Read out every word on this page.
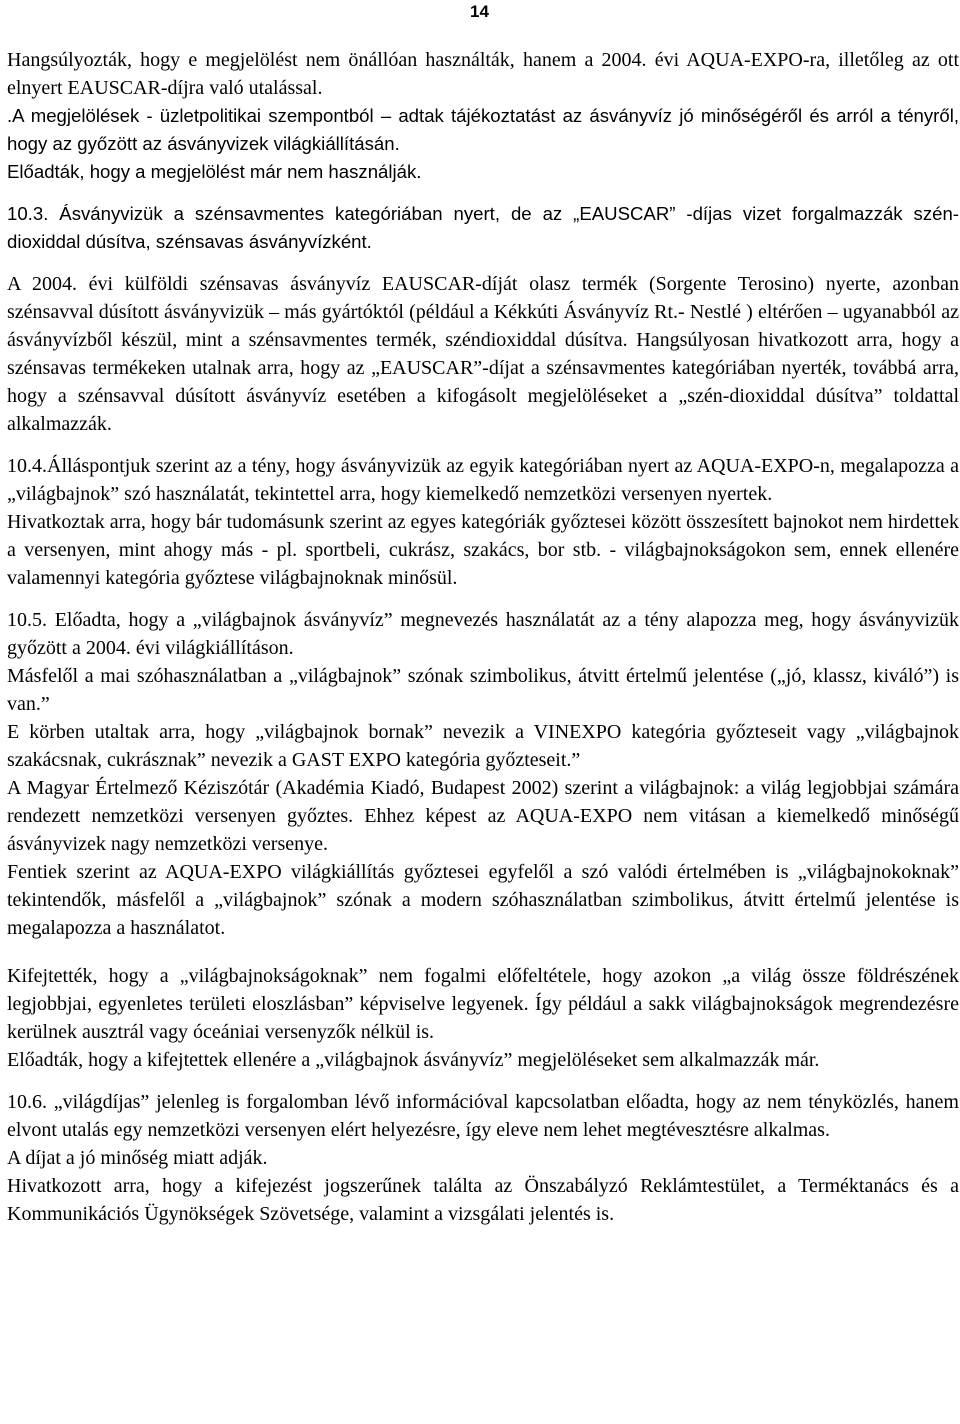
14

Hangsúlyozták, hogy e megjelölést nem önállóan használták, hanem a 2004. évi AQUA-EXPO-ra, illetőleg az ott elnyert EAUSCAR-díjra való utalással.

.A megjelölések - üzletpolitikai szempontból – adtak tájékoztatást az ásványvíz jó minőségéről és arról a tényről, hogy az győzött az ásványvizek világkiállításán.

Előadták, hogy a megjelölést már nem használják.

10.3. Ásványvizük a szénsavmentes kategóriában nyert, de az „EAUSCAR” -díjas vizet forgalmazzák szén-dioxiddal dúsítva, szénsavas ásványvízként.

A 2004. évi külföldi szénsavas ásványvíz EAUSCAR-díját olasz termék (Sorgente Terosino) nyerte, azonban szénsavval dúsított ásványvizük – más gyártóktól (például a Kékkúti Ásványvíz Rt.- Nestlé ) eltérően – ugyanabból az ásványvízből készül, mint a szénsavmentes termék, széndioxiddal dúsítva. Hangsúlyosan hivatkozott arra, hogy a szénsavas termékeken utalnak arra, hogy az „EAUSCAR”-díjat a szénsavmentes kategóriában nyerték, továbbá arra, hogy a szénsavval dúsított ásványvíz esetében a kifogásolt megjelöléseket a „szén-dioxiddal dúsítva” toldattal alkalmazzák.

10.4.Álláspontjuk szerint az a tény, hogy ásványvizük az egyik kategóriában nyert az AQUA-EXPO-n, megalapozza a „világbajnok” szó használatát, tekintettel arra, hogy kiemelkedő nemzetközi versenyen nyertek.

Hivatkoztak arra, hogy bár tudomásunk szerint az egyes kategóriák győztesei között összesített bajnokot nem hirdettek a versenyen, mint ahogy más - pl. sportbeli, cukrász, szakács, bor stb. - világbajnokságokon sem, ennek ellenére valamennyi kategória győztese világbajnoknak minősül.

10.5. Előadta, hogy a „világbajnok ásványvíz” megnevezés használatát az a tény alapozza meg, hogy ásványvizük győzött a 2004. évi világkiállításon.

Másfelől a mai szóhasználatban a „világbajnok” szónak szimbolikus, átvitt értelmű jelentése („jó, klassz, kiváló”) is van.”

E körben utaltak arra, hogy „világbajnok bornak” nevezik a VINEXPO kategória győzteseit vagy „világbajnok szakácsnak, cukrásznak” nevezik a GAST EXPO kategória győzteseit.”

A Magyar Értelmező Kéziszótár (Akadémia Kiadó, Budapest 2002) szerint a világbajnok: a világ legjobbjai számára rendezett nemzetközi versenyen győztes. Ehhez képest az AQUA-EXPO nem vitásan a kiemelkedő minőségű ásványvizek nagy nemzetközi versenye.

Fentiek szerint az AQUA-EXPO világkiállítás győztesei egyfelől a szó valódi értelmében is „világbajnokoknak” tekintendők, másfelől a „világbajnok” szónak a modern szóhasználatban szimbolikus, átvitt értelmű jelentése is megalapozza a használatot.

Kifejtették, hogy a „világbajnokságoknak” nem fogalmi előfeltétele, hogy azokon „a világ össze földrészének legjobbjai, egyenletes területi eloszlásban” képviselve legyenek. Így például a sakk világbajnokságok megrendezésre kerülnek ausztrál vagy óceániai versenyzők nélkül is.

Előadták, hogy a kifejtettek ellenére a „világbajnok ásványvíz” megjelöléseket sem alkalmazzák már.

10.6. „világdíjas” jelenleg is forgalomban lévő információval kapcsolatban előadta, hogy az nem tényközlés, hanem elvont utalás egy nemzetközi versenyen elért helyezésre, így eleve nem lehet megtévesztésre alkalmas.

A díjat a jó minőség miatt adják.

Hivatkozott arra, hogy a kifejezést jogszerűnek találta az Önszabályzó Reklámtestület, a Terméktanács és a Kommunikációs Ügynökségek Szövetsége, valamint a vizsgálati jelentés is.
